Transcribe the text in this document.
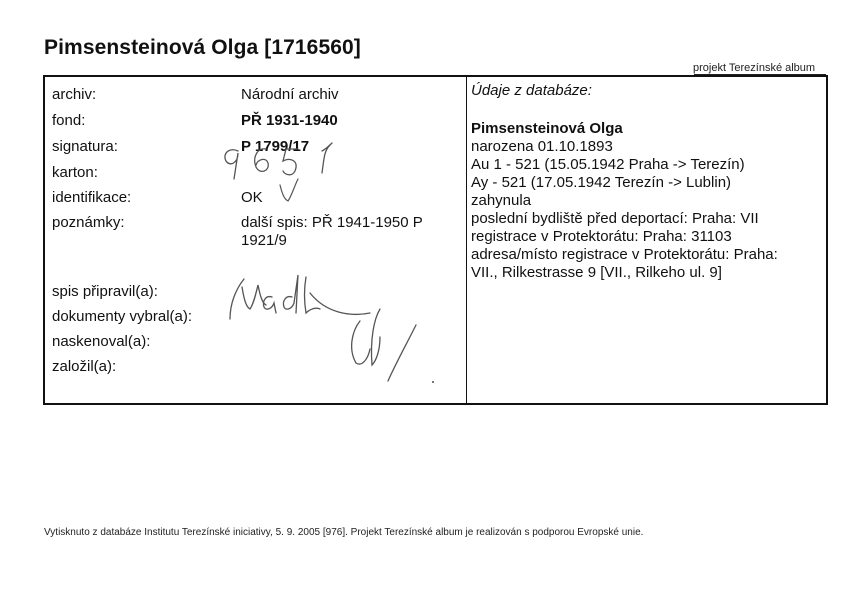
Pimsensteinová Olga [1716560]
projekt Terezínské album
archiv:
fond:
signatura:
karton:
identifikace:
poznámky:
spis připravil(a):
dokumenty vybral(a):
naskenoval(a):
založil(a):
Národní archiv
PŘ 1931-1940
P 1799/17
OK
další spis: PŘ 1941-1950 P
1921/9
Údaje z databáze:
Pimsensteinová Olga
narozena 01.10.1893
Au 1 - 521 (15.05.1942 Praha -> Terezín)
Ay - 521 (17.05.1942 Terezín -> Lublin)
zahynula
poslední bydliště před deportací: Praha: VII
registrace v Protektorátu: Praha: 31103
adresa/místo registrace v Protektorátu: Praha:
VII., Rilkestrasse 9 [VII., Rilkeho ul. 9]
Vytisknuto z databáze Institutu Terezínské iniciativy, 5. 9. 2005 [976]. Projekt Terezínské album je realizován s podporou Evropské unie.
